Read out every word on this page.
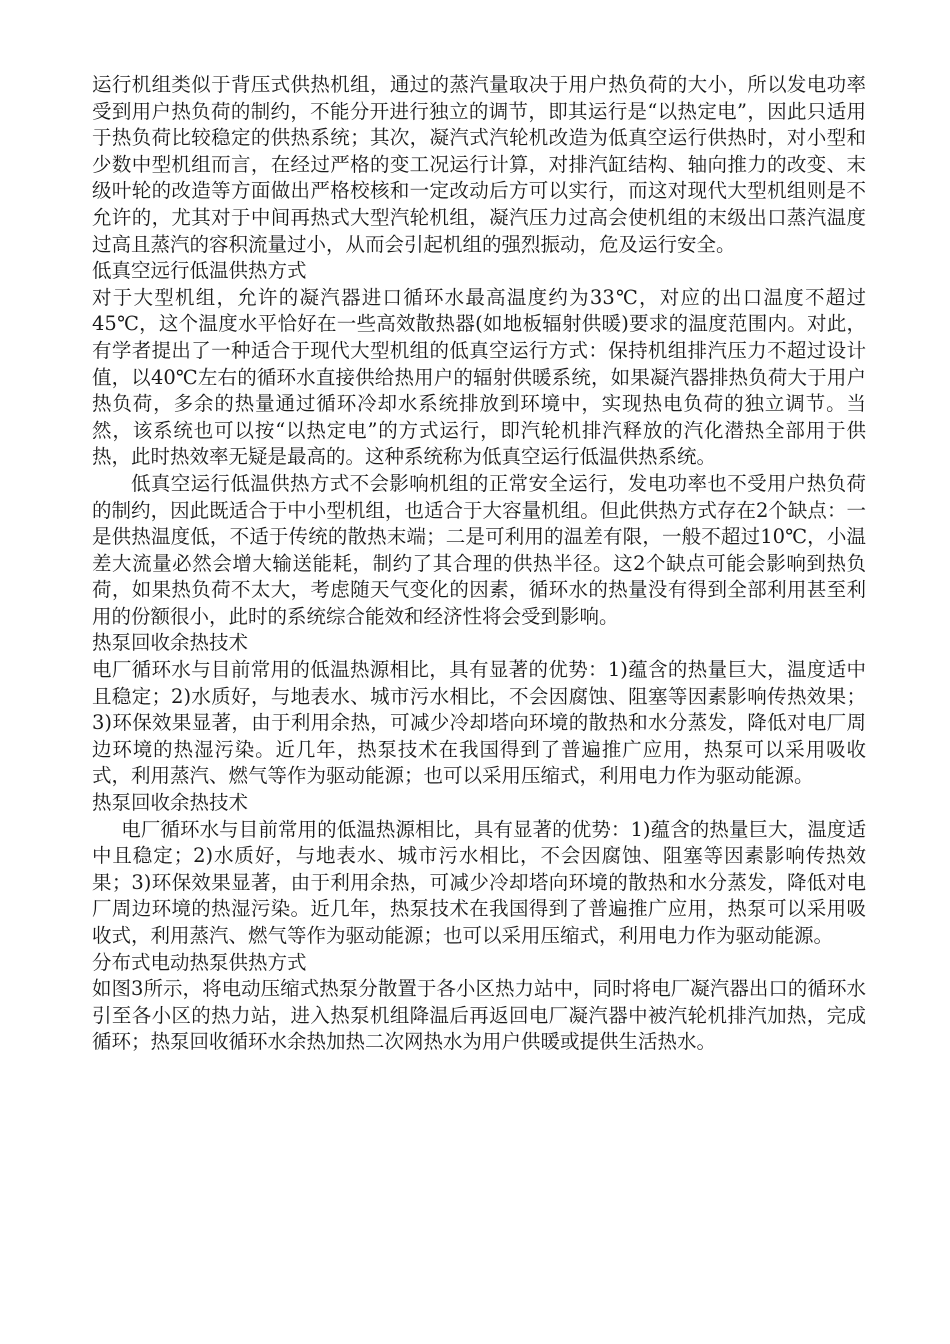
运行机组类似于背压式供热机组，通过的蒸汽量取决于用户热负荷的大小，所以发电功率受到用户热负荷的制约，不能分开进行独立的调节，即其运行是“以热定电”，因此只适用于热负荷比较稳定的供热系统；其次，凝汽式汽轮机改造为低真空运行供热时，对小型和少数中型机组而言，在经过严格的变工况运行计算，对排汽缸结构、轴向推力的改变、末级叶轮的改造等方面做出严格校核和一定改动后方可以实行，而这对现代大型机组则是不允许的，尤其对于中间再热式大型汽轮机组，凝汽压力过高会使机组的末级出口蒸汽温度过高且蒸汽的容积流量过小，从而会引起机组的强烈振动，危及运行安全。

低真空远行低温供热方式

对于大型机组，允许的凝汽器进口循环水最高温度约为33℃，对应的出口温度不超过45℃，这个温度水平恰好在一些高效散热器(如地板辐射供暖)要求的温度范围内。对此，有学者提出了一种适合于现代大型机组的低真空运行方式：保持机组排汽压力不超过设计值，以40℃左右的循环水直接供给热用户的辐射供暖系统，如果凝汽器排热负荷大于用户热负荷，多余的热量通过循环冷却水系统排放到环境中，实现热电负荷的独立调节。当然，该系统也可以按“以热定电”的方式运行，即汽轮机排汽释放的汽化潜热全部用于供热，此时热效率无疑是最高的。这种系统称为低真空运行低温供热系统。

低真空运行低温供热方式不会影响机组的正常安全运行，发电功率也不受用户热负荷的制约，因此既适合于中小型机组，也适合于大容量机组。但此供热方式存在2个缺点：一是供热温度低，不适于传统的散热末端；二是可利用的温差有限，一般不超过10℃，小温差大流量必然会增大输送能耗，制约了其合理的供热半径。这2个缺点可能会影响到热负荷，如果热负荷不太大，考虑随天气变化的因素，循环水的热量没有得到全部利用甚至利用的份额很小，此时的系统综合能效和经济性将会受到影响。

热泵回收余热技术

电厂循环水与目前常用的低温热源相比，具有显著的优势：1)蕴含的热量巨大，温度适中且稳定；2)水质好，与地表水、城市污水相比，不会因腐蚀、阻塞等因素影响传热效果；3)环保效果显著，由于利用余热，可减少冷却塔向环境的散热和水分蒸发，降低对电厂周边环境的热湿污染。近几年，热泵技术在我国得到了普遍推广应用，热泵可以采用吸收式，利用蒸汽、燃气等作为驱动能源；也可以采用压缩式，利用电力作为驱动能源。

热泵回收余热技术

电厂循环水与目前常用的低温热源相比，具有显著的优势：1)蕴含的热量巨大，温度适中且稳定；2)水质好，与地表水、城市污水相比，不会因腐蚀、阻塞等因素影响传热效果；3)环保效果显著，由于利用余热，可减少冷却塔向环境的散热和水分蒸发，降低对电厂周边环境的热湿污染。近几年，热泵技术在我国得到了普遍推广应用，热泵可以采用吸收式，利用蒸汽、燃气等作为驱动能源；也可以采用压缩式，利用电力作为驱动能源。

分布式电动热泵供热方式

如图3所示，将电动压缩式热泵分散置于各小区热力站中，同时将电厂凝汽器出口的循环水引至各小区的热力站，进入热泵机组降温后再返回电厂凝汽器中被汽轮机排汽加热，完成循环；热泵回收循环水余热加热二次网热水为用户供暖或提供生活热水。
